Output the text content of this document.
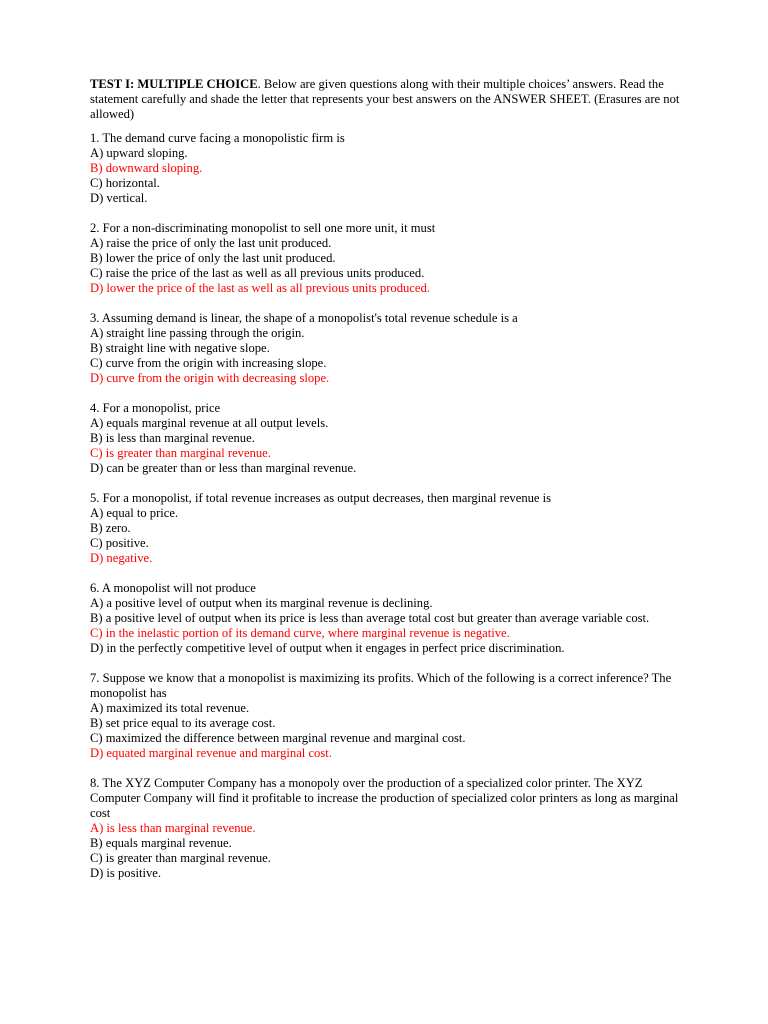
TEST I: MULTIPLE CHOICE. Below are given questions along with their multiple choices’ answers. Read the statement carefully and shade the letter that represents your best answers on the ANSWER SHEET. (Erasures are not allowed)

1. The demand curve facing a monopolistic firm is
A) upward sloping.
B) downward sloping.
C) horizontal.
D) vertical.
2. For a non-discriminating monopolist to sell one more unit, it must
A) raise the price of only the last unit produced.
B) lower the price of only the last unit produced.
C) raise the price of the last as well as all previous units produced.
D) lower the price of the last as well as all previous units produced.
3. Assuming demand is linear, the shape of a monopolist's total revenue schedule is a
A) straight line passing through the origin.
B) straight line with negative slope.
C) curve from the origin with increasing slope.
D) curve from the origin with decreasing slope.
4. For a monopolist, price
A) equals marginal revenue at all output levels.
B) is less than marginal revenue.
C) is greater than marginal revenue.
D) can be greater than or less than marginal revenue.
5. For a monopolist, if total revenue increases as output decreases, then marginal revenue is
A) equal to price.
B) zero.
C) positive.
D) negative.
6. A monopolist will not produce
A) a positive level of output when its marginal revenue is declining.
B) a positive level of output when its price is less than average total cost but greater than average variable cost.
C) in the inelastic portion of its demand curve, where marginal revenue is negative.
D) in the perfectly competitive level of output when it engages in perfect price discrimination.
7. Suppose we know that a monopolist is maximizing its profits. Which of the following is a correct inference? The monopolist has
A) maximized its total revenue.
B) set price equal to its average cost.
C) maximized the difference between marginal revenue and marginal cost.
D) equated marginal revenue and marginal cost.
8. The XYZ Computer Company has a monopoly over the production of a specialized color printer. The XYZ Computer Company will find it profitable to increase the production of specialized color printers as long as marginal cost
A) is less than marginal revenue.
B) equals marginal revenue.
C) is greater than marginal revenue.
D) is positive.
